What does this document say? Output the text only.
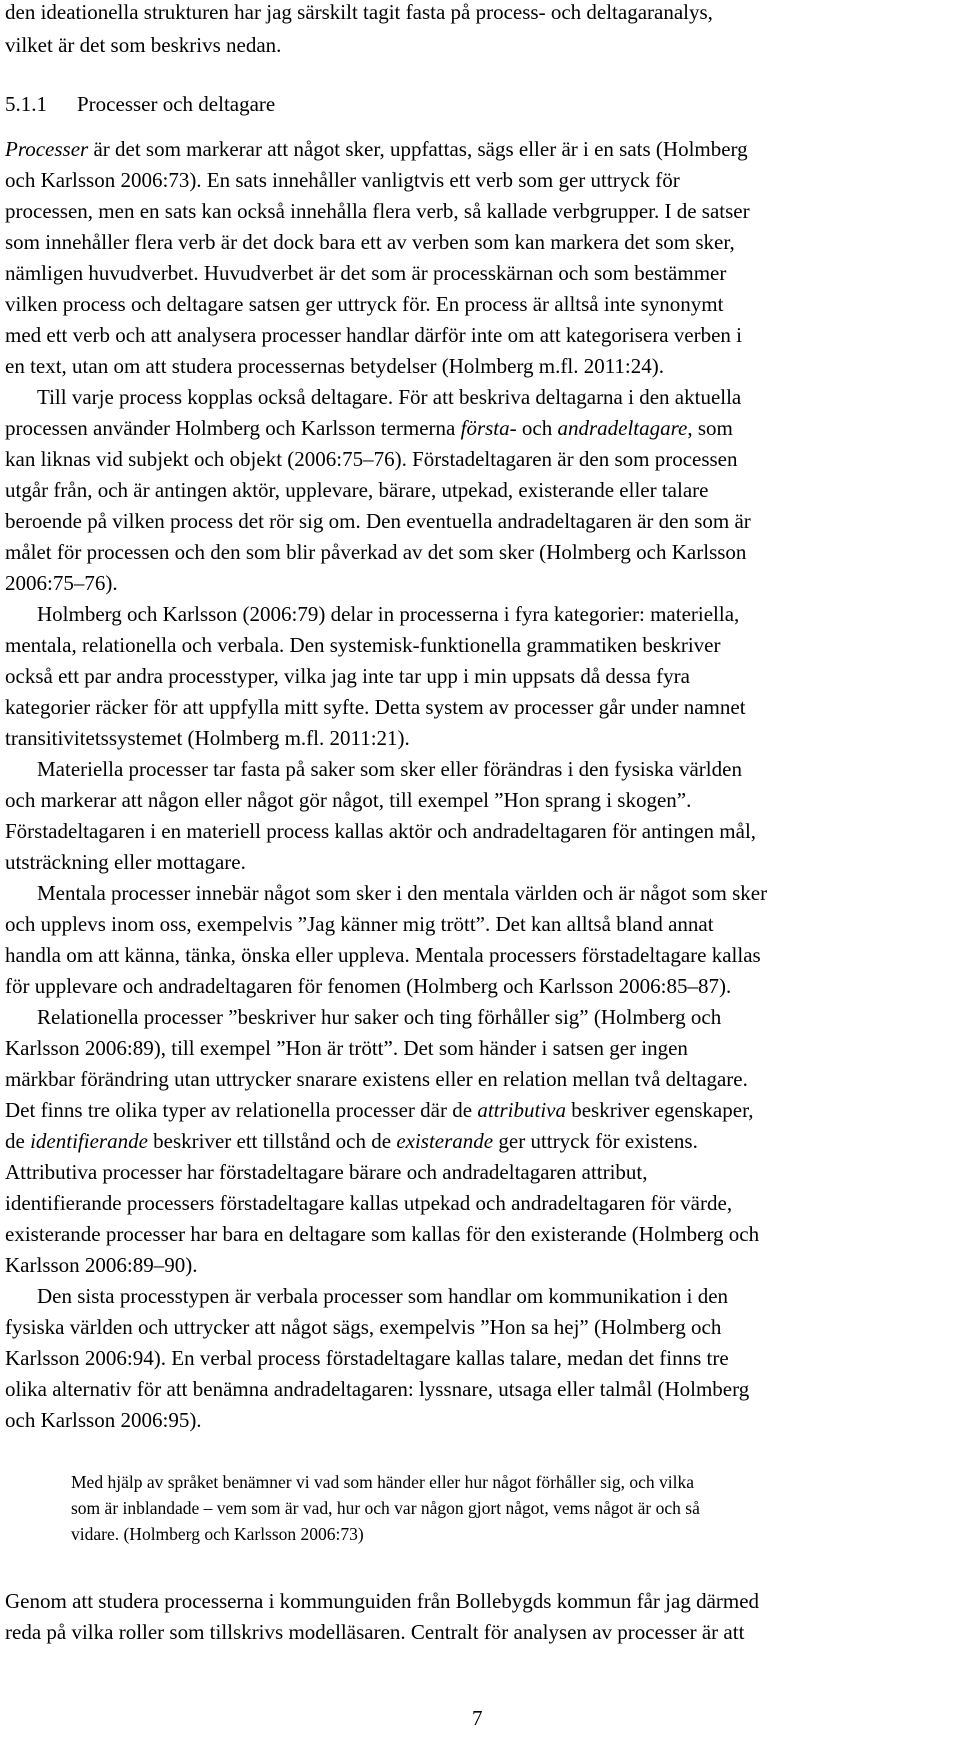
den ideationella strukturen har jag särskilt tagit fasta på process- och deltagaranalys,
vilket är det som beskrivs nedan.
5.1.1 Processer och deltagare
Processer är det som markerar att något sker, uppfattas, sägs eller är i en sats (Holmberg
och Karlsson 2006:73). En sats innehåller vanligtvis ett verb som ger uttryck för
processen, men en sats kan också innehålla flera verb, så kallade verbgrupper. I de satser
som innehåller flera verb är det dock bara ett av verben som kan markera det som sker,
nämligen huvudverbet. Huvudverbet är det som är processkärnan och som bestämmer
vilken process och deltagare satsen ger uttryck för. En process är alltså inte synonymt
med ett verb och att analysera processer handlar därför inte om att kategorisera verben i
en text, utan om att studera processernas betydelser (Holmberg m.fl. 2011:24).
Till varje process kopplas också deltagare. För att beskriva deltagarna i den aktuella
processen använder Holmberg och Karlsson termerna första- och andradeltagare, som
kan liknas vid subjekt och objekt (2006:75–76). Förstadeltagaren är den som processen
utgår från, och är antingen aktör, upplevare, bärare, utpekad, existerande eller talare
beroende på vilken process det rör sig om. Den eventuella andradeltagaren är den som är
målet för processen och den som blir påverkad av det som sker (Holmberg och Karlsson
2006:75–76).
Holmberg och Karlsson (2006:79) delar in processerna i fyra kategorier: materiella,
mentala, relationella och verbala. Den systemisk-funktionella grammatiken beskriver
också ett par andra processtyper, vilka jag inte tar upp i min uppsats då dessa fyra
kategorier räcker för att uppfylla mitt syfte. Detta system av processer går under namnet
transitivitetssystemet (Holmberg m.fl. 2011:21).
Materiella processer tar fasta på saker som sker eller förändras i den fysiska världen
och markerar att någon eller något gör något, till exempel ”Hon sprang i skogen”.
Förstadeltagaren i en materiell process kallas aktör och andradeltagaren för antingen mål,
utsträckning eller mottagare.
Mentala processer innebär något som sker i den mentala världen och är något som sker
och upplevs inom oss, exempelvis ”Jag känner mig trött”. Det kan alltså bland annat
handla om att känna, tänka, önska eller uppleva. Mentala processers förstadeltagare kallas
för upplevare och andradeltagaren för fenomen (Holmberg och Karlsson 2006:85–87).
Relationella processer ”beskriver hur saker och ting förhåller sig” (Holmberg och
Karlsson 2006:89), till exempel ”Hon är trött”. Det som händer i satsen ger ingen
märkbar förändring utan uttrycker snarare existens eller en relation mellan två deltagare.
Det finns tre olika typer av relationella processer där de attributiva beskriver egenskaper,
de identifierande beskriver ett tillstånd och de existerande ger uttryck för existens.
Attributiva processer har förstadeltagare bärare och andradeltagaren attribut,
identifierande processers förstadeltagare kallas utpekad och andradeltagaren för värde,
existerande processer har bara en deltagare som kallas för den existerande (Holmberg och
Karlsson 2006:89–90).
Den sista processtypen är verbala processer som handlar om kommunikation i den
fysiska världen och uttrycker att något sägs, exempelvis ”Hon sa hej” (Holmberg och
Karlsson 2006:94). En verbal process förstadeltagare kallas talare, medan det finns tre
olika alternativ för att benämna andradeltagaren: lyssnare, utsaga eller talmål (Holmberg
och Karlsson 2006:95).
Med hjälp av språket benämner vi vad som händer eller hur något förhåller sig, och vilka
som är inblandade – vem som är vad, hur och var någon gjort något, vems något är och så
vidare. (Holmberg och Karlsson 2006:73)
Genom att studera processerna i kommunguiden från Bollebygds kommun får jag därmed
reda på vilka roller som tillskrivs modelläsaren. Centralt för analysen av processer är att
7
